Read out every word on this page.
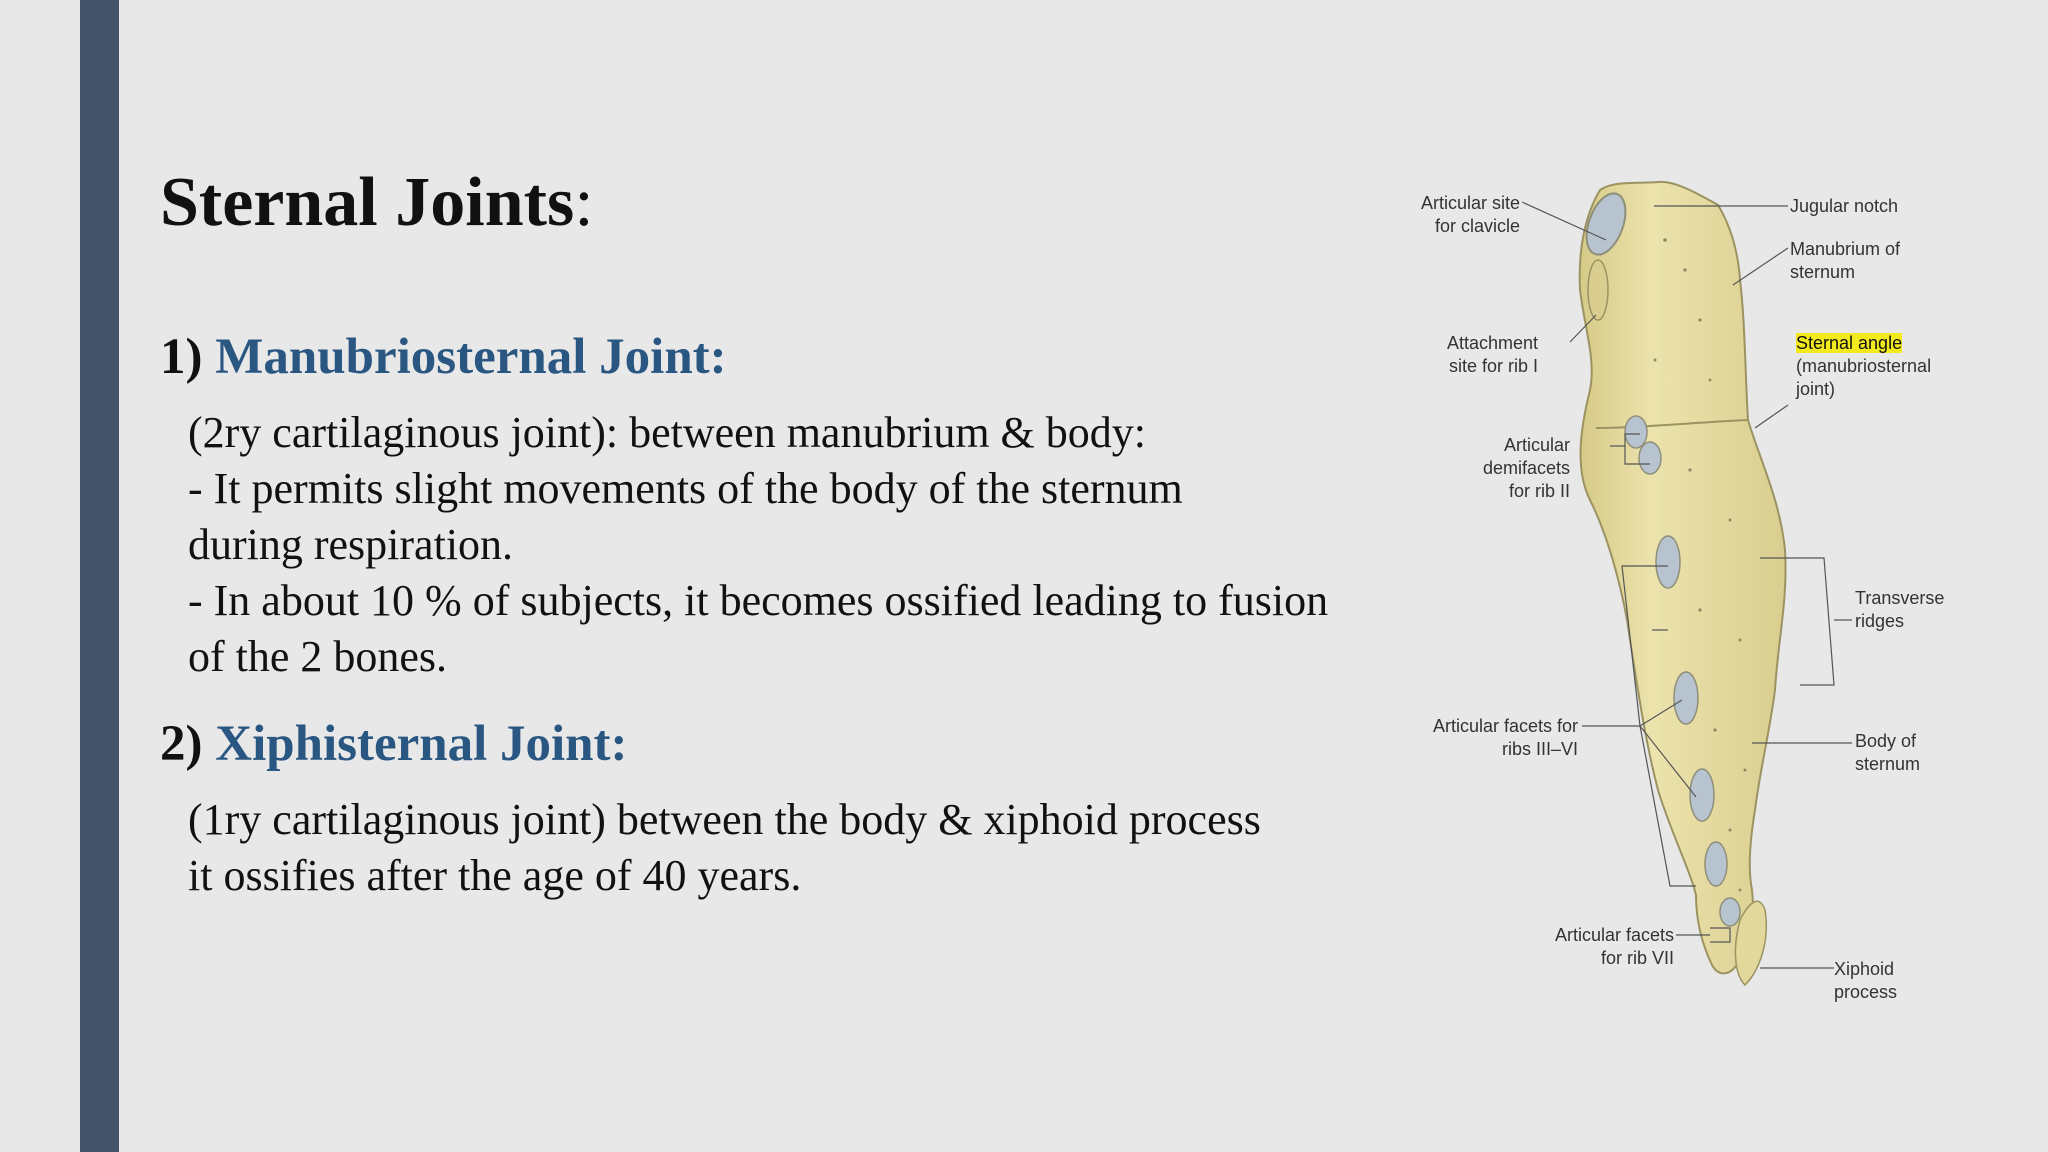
Sternal Joints:
1) Manubriosternal Joint:
(2ry cartilaginous joint): between manubrium & body:
- It permits slight movements of the body of the sternum
during respiration.
- In about 10 % of subjects, it becomes ossified leading to fusion
of the 2 bones.
2) Xiphisternal Joint:
(1ry cartilaginous joint) between the body & xiphoid process
it ossifies after the age of 40 years.
Articular site
for clavicle
Attachment
site for rib I
Articular
demifacets
for rib II
Articular facets for
ribs III–VI
Articular facets
for rib VII
Jugular notch
Manubrium of
sternum
Sternal angle
(manubriosternal
joint)
Transverse
ridges
Body of
sternum
Xiphoid
process
